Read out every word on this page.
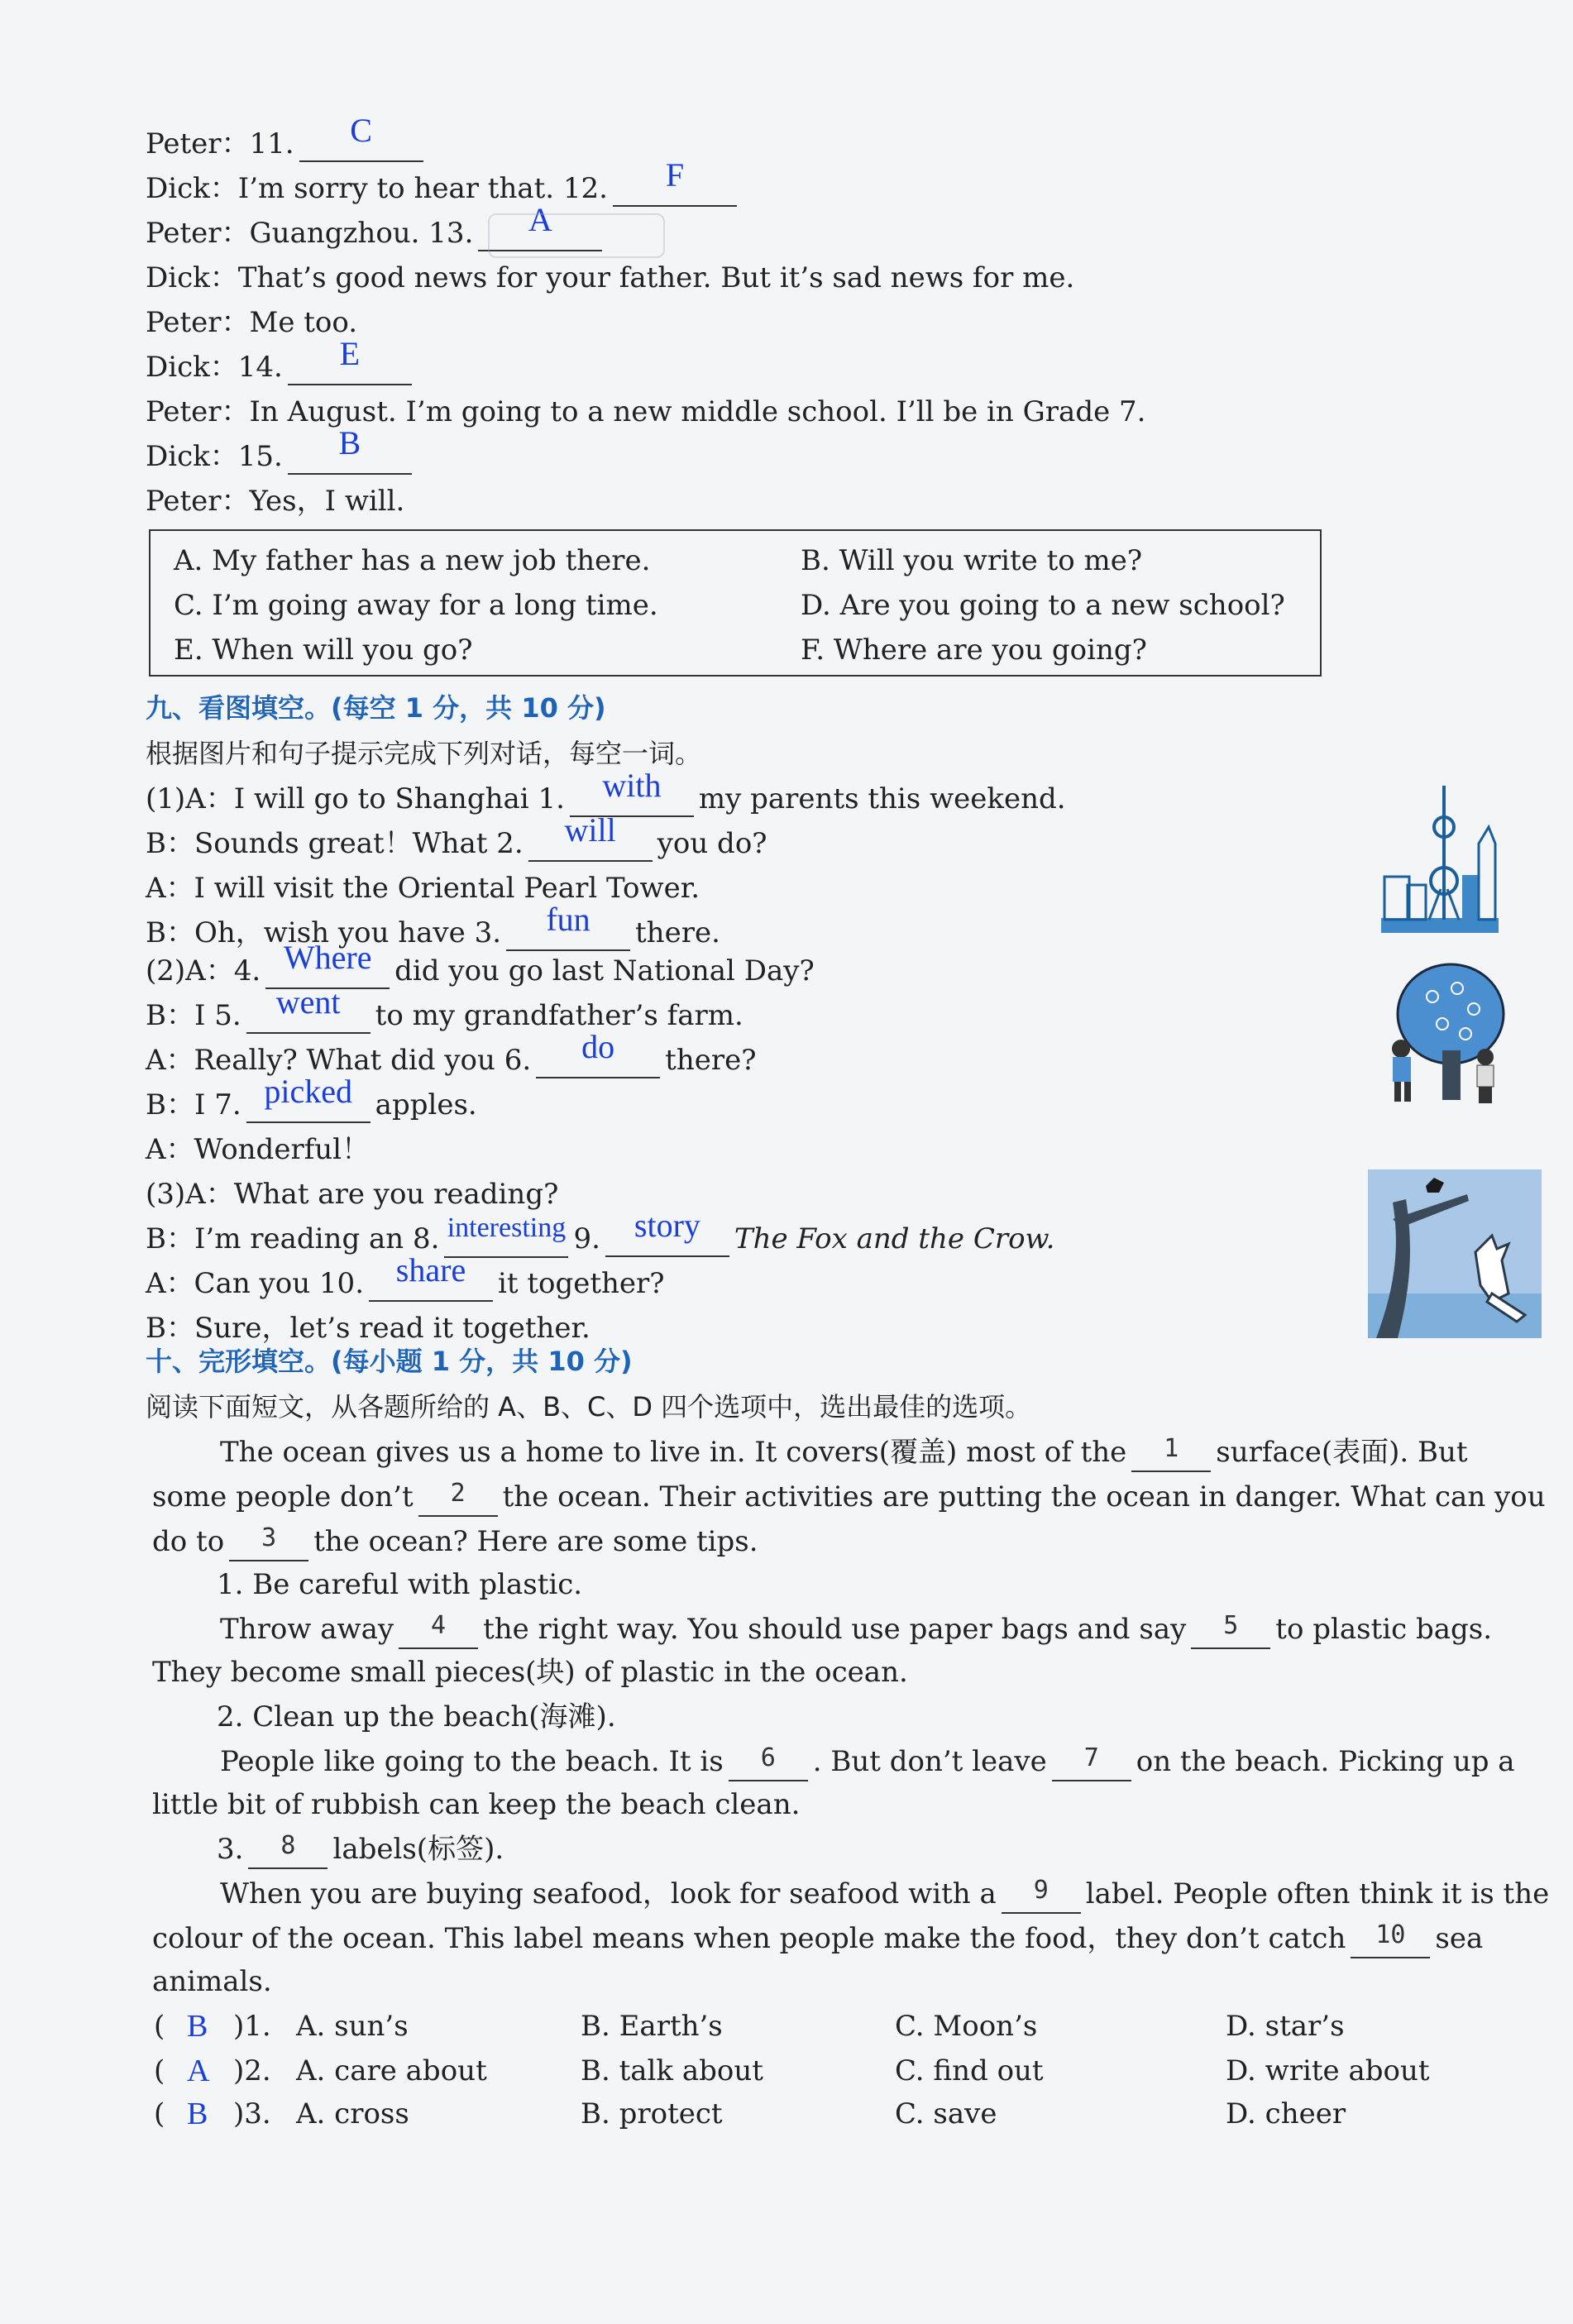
Peter：11. C
Dick：I’m sorry to hear that. 12. F
Peter：Guangzhou. 13. A
Dick：That’s good news for your father. But it’s sad news for me.
Peter：Me too.
Dick：14. E
Peter：In August. I’m going to a new middle school. I’ll be in Grade 7.
Dick：15. B
Peter：Yes，I will.
A. My father has a new job there.	B. Will you write to me?
C. I’m going away for a long time.	D. Are you going to a new school?
E. When will you go?	F. Where are you going?
九、看图填空。(每空 1 分，共 10 分)
根据图片和句子提示完成下列对话，每空一词。
(1)A：I will go to Shanghai 1. with my parents this weekend.
B：Sounds great！What 2. will you do?
A：I will visit the Oriental Pearl Tower.
B：Oh，wish you have 3. fun there.
(2)A：4. Where did you go last National Day?
B：I 5. went to my grandfather’s farm.
A：Really? What did you 6. do there?
B：I 7. picked apples.
A：Wonderful！
(3)A：What are you reading?
B：I’m reading an 8. interesting 9. story The Fox and the Crow.
A：Can you 10. share it together?
B：Sure，let’s read it together.
十、完形填空。(每小题 1 分，共 10 分)
阅读下面短文，从各题所给的 A、B、C、D 四个选项中，选出最佳的选项。
The ocean gives us a home to live in. It covers(覆盖) most of the 1 surface(表面). But
some people don’t 2 the ocean. Their activities are putting the ocean in danger. What can you
do to 3 the ocean? Here are some tips.
1. Be careful with plastic.
Throw away 4 the right way. You should use paper bags and say 5 to plastic bags.
They become small pieces(块) of plastic in the ocean.
2. Clean up the beach(海滩).
People like going to the beach. It is 6 . But don’t leave 7 on the beach. Picking up a
little bit of rubbish can keep the beach clean.
3. 8 labels(标签).
When you are buying seafood，look for seafood with a 9 label. People often think it is the
colour of the ocean. This label means when people make the food，they don’t catch 10 sea
animals.
( B )1. A. sun’s	B. Earth’s	C. Moon’s	D. star’s
( A )2. A. care about	B. talk about	C. find out	D. write about
( B )3. A. cross	B. protect	C. save	D. cheer
